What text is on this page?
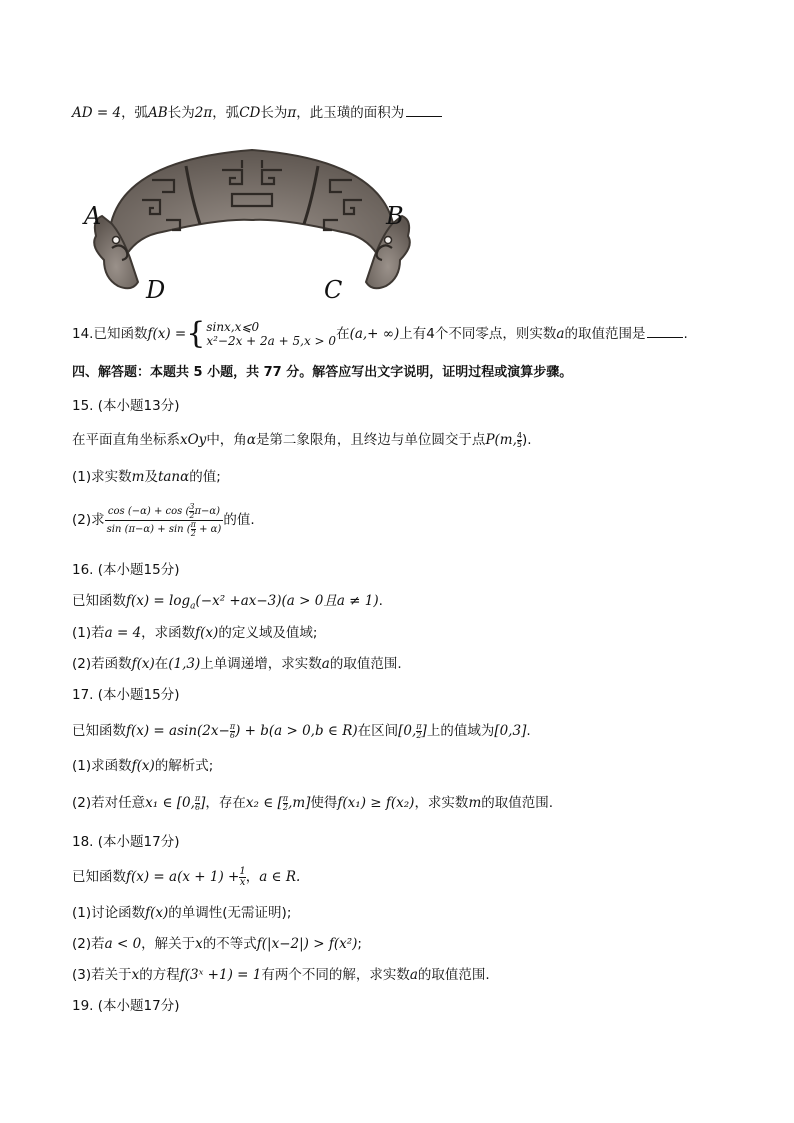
AD = 4，弧AB长为2π，弧CD长为π，此玉璜的面积为
A	B
D	C
14.已知函数f(x) ={ sinx,x⩽0
x²−2x + 2a + 5,x > 0 在(a,+ ∞)上有4个不同零点，则实数a的取值范围是	.
四、解答题：本题共 5 小题，共 77 分。解答应写出文字说明，证明过程或演算步骤。
15. (本小题13分)
在平面直角坐标系xOy中，角α是第二象限角，且终边与单位圆交于点P(m, $\frac{4}{5}$ ).
(1)求实数m及tanα的值;
(2)求 $\frac{\cos (-\alpha) + \cos ( \frac{3}{2} \pi-\alpha)}{\sin (\pi-\alpha) + \sin ( \frac{\pi}{2} + \alpha)}$ 的值.
16. (本小题15分)
已知函数$f(x) = \log_a(-x^2 +ax-3)(a > 0$且a ≠ 1).
(1)若a = 4，求函数f(x)的定义域及值域;
(2)若函数f(x)在(1,3)上单调递增，求实数a的取值范围.
17. (本小题15分)
已知函数$f(x) = asin(2x- \frac{\pi}{6}$ ) + b(a > 0,b ∈ R)在区间[0, $\frac{\pi}{2}$ ]上的值域为[0,3].
(1)求函数f(x)的解析式;
(2)若对任意x₁ ∈ [0, $\frac{\pi}{6}$ ]，存在x₂ ∈ [ $\frac{\pi}{2} ,m$]使得f(x₁) ≥ f(x₂)，求实数m的取值范围.
18. (本小题17分)
已知函数$f(x) = a(x + 1) + \frac{1}{x}$ ，a ∈ R.
(1)讨论函数f(x)的单调性(无需证明);
(2)若a < 0，解关于x的不等式f(|x−2|) > f(x²);
(3)若关于x的方程f(3ˣ +1) = 1有两个不同的解，求实数a的取值范围.
19. (本小题17分)
